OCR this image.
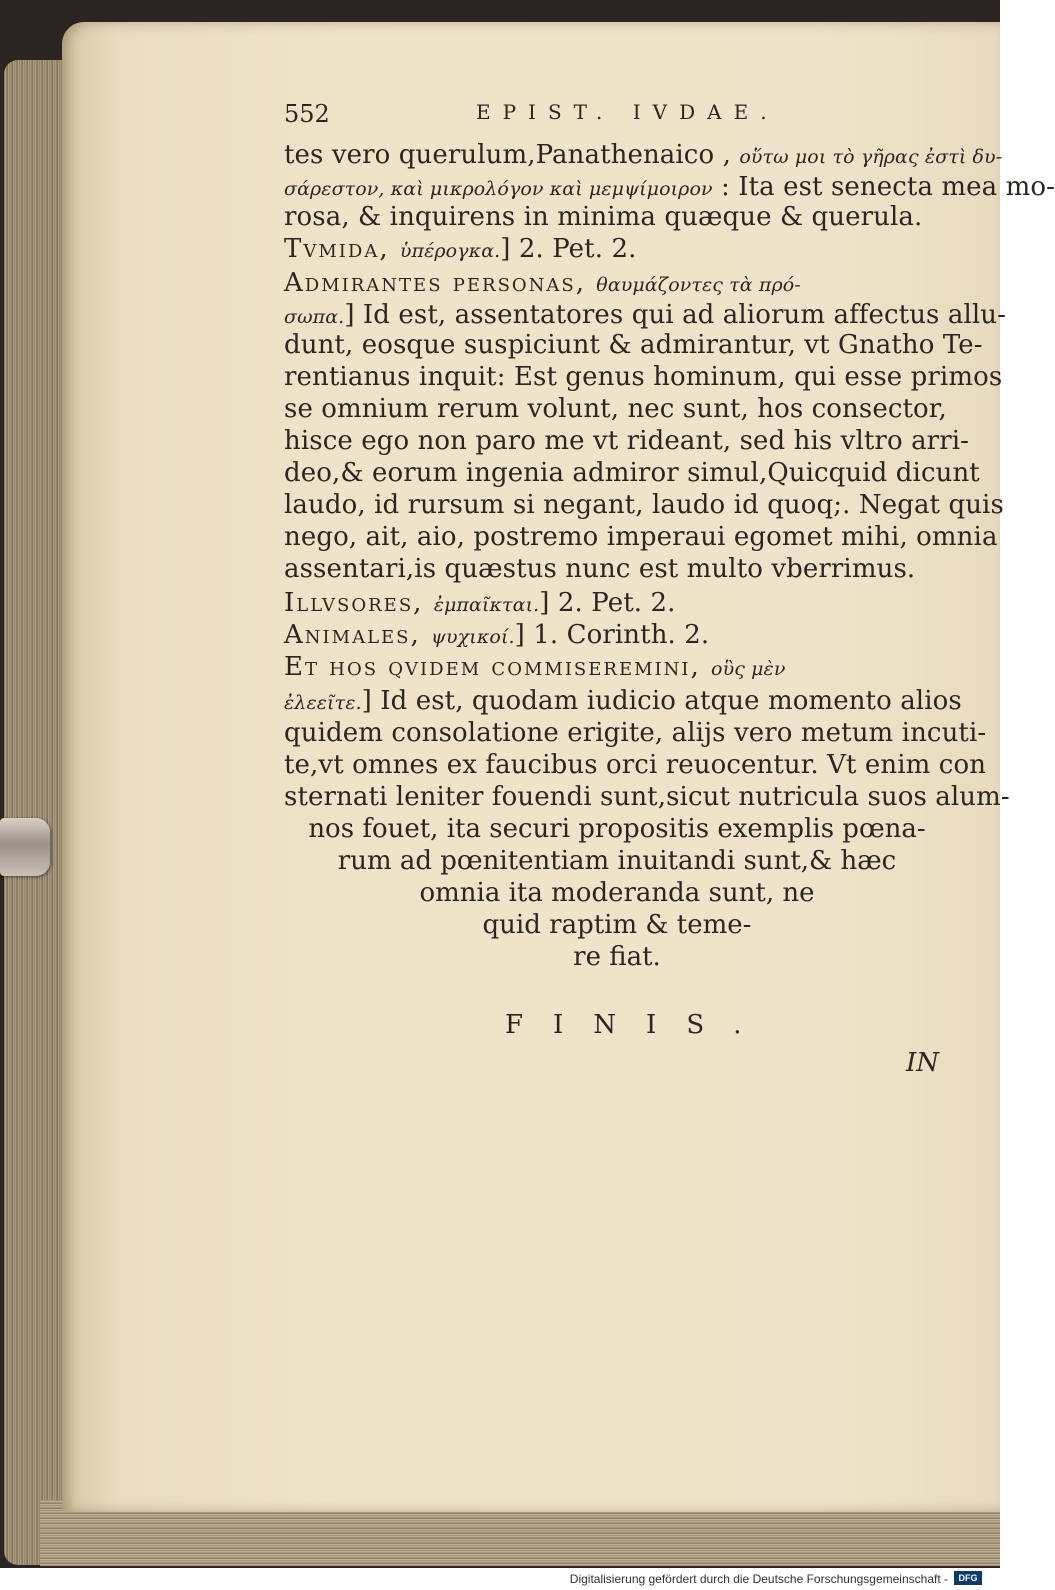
552	EPIST. IVDAE.
tes vero querulum,Panathenaico , οὕτω μοι τὸ γῆρας ἐστὶ δυ-
σάρεστον, καὶ μικρολόγον καὶ μεμψίμοιρον : Ita est senecta mea mo-
rosa, & inquirens in minima quæque & querula.
Tvmida, ὑπέρογκα.] 2. Pet. 2.
Admirantes personas, θαυμάζοντες τὰ πρό-
σωπα.] Id est, assentatores qui ad aliorum affectus allu-
dunt, eosque suspiciunt & admirantur, vt Gnatho Te-
rentianus inquit: Est genus hominum, qui esse primos
se omnium rerum volunt, nec sunt, hos consector,
hisce ego non paro me vt rideant, sed his vltro arri-
deo,& eorum ingenia admiror simul,Quicquid dicunt
laudo, id rursum si negant, laudo id quoq;. Negat quis
nego, ait, aio, postremo imperaui egomet mihi, omnia
assentari,is quæstus nunc est multo vberrimus.
Illvsores, ἐμπαῖκται.] 2. Pet. 2.
Animales, ψυχικοί.] 1. Corinth. 2.
Et hos qvidem commiseremini, οὓς μὲν
ἐλεεῖτε.] Id est, quodam iudicio atque momento alios
quidem consolatione erigite, alijs vero metum incuti-
te,vt omnes ex faucibus orci reuocentur. Vt enim con
sternati leniter fouendi sunt,sicut nutricula suos alum-
nos fouet, ita securi propositis exemplis pœna-
rum ad pœnitentiam inuitandi sunt,& hæc
omnia ita moderanda sunt, ne
quid raptim & teme-
re fiat.
FINIS.
IN
Digitalisierung gefördert durch die Deutsche Forschungsgemeinschaft -	DFG
